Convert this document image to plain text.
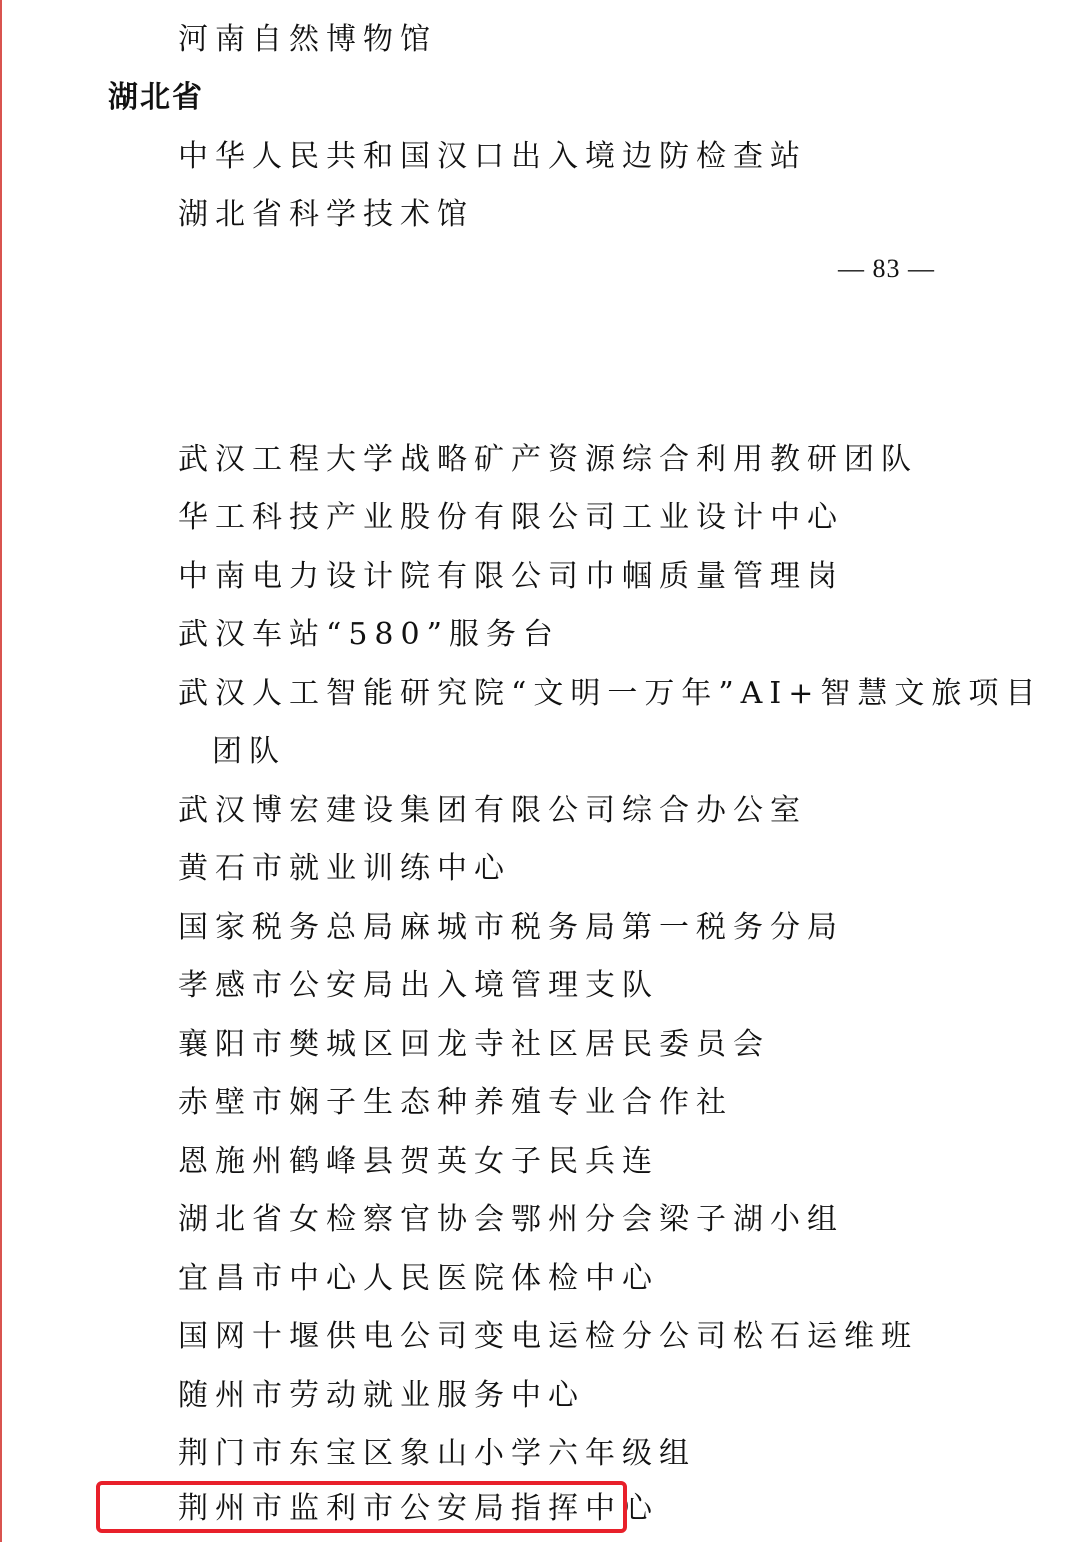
河南自然博物馆
湖北省
中华人民共和国汉口出入境边防检查站
湖北省科学技术馆
— 83 —
武汉工程大学战略矿产资源综合利用教研团队
华工科技产业股份有限公司工业设计中心
中南电力设计院有限公司巾帼质量管理岗
武汉车站“580”服务台
武汉人工智能研究院“文明一万年”AI+智慧文旅项目
团队
武汉博宏建设集团有限公司综合办公室
黄石市就业训练中心
国家税务总局麻城市税务局第一税务分局
孝感市公安局出入境管理支队
襄阳市樊城区回龙寺社区居民委员会
赤壁市娴子生态种养殖专业合作社
恩施州鹤峰县贺英女子民兵连
湖北省女检察官协会鄂州分会梁子湖小组
宜昌市中心人民医院体检中心
国网十堰供电公司变电运检分公司松石运维班
随州市劳动就业服务中心
荆门市东宝区象山小学六年级组
荆州市监利市公安局指挥中心
